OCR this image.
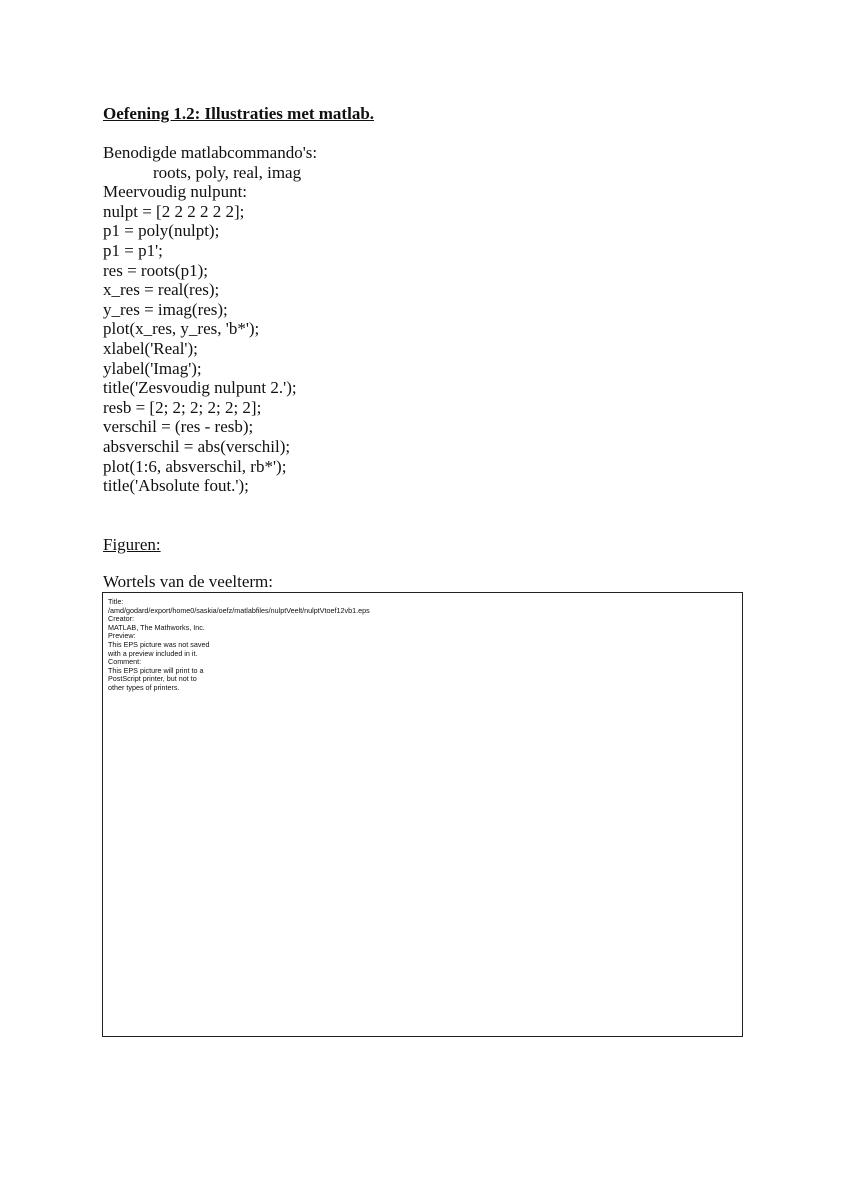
Oefening 1.2: Illustraties met matlab.
Benodigde matlabcommando's:
roots, poly, real, imag
Meervoudig nulpunt:
nulpt = [2 2 2 2 2 2];
p1 = poly(nulpt);
p1 = p1';
res = roots(p1);
x_res = real(res);
y_res = imag(res);
plot(x_res, y_res, 'b*');
xlabel('Real');
ylabel('Imag');
title('Zesvoudig nulpunt 2.');
resb = [2; 2; 2; 2; 2; 2];
verschil = (res - resb);
absverschil = abs(verschil);
plot(1:6, absverschil, rb*');
title('Absolute fout.');
Figuren:
Wortels van de veelterm:
Title:
/amd/godard/export/home0/saskia/oefz/matlabfiles/nulptVeelt/nulptVtoef12vb1.eps
Creator:
MATLAB, The Mathworks, Inc.
Preview:
This EPS picture was not saved
with a preview included in it.
Comment:
This EPS picture will print to a
PostScript printer, but not to
other types of printers.
